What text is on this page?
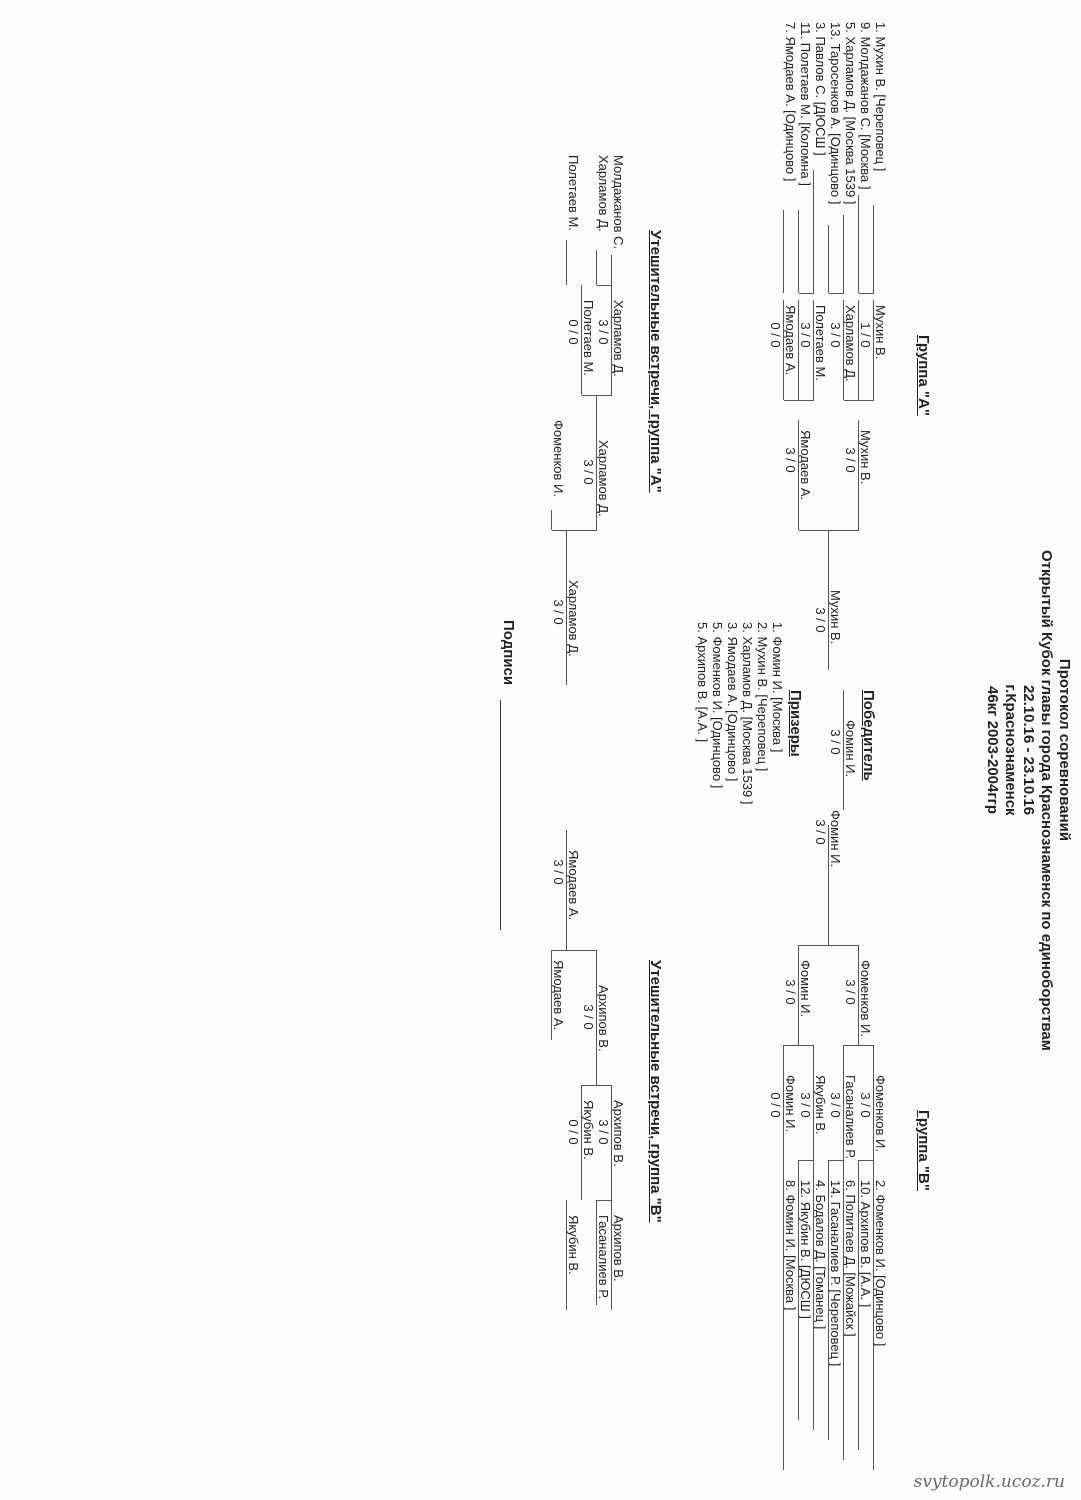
Протокол соревнований
Открытый Кубок главы города Краснознаменск по единоборствам
22.10.16 - 23.10.16
г.Краснознаменск
46кг 2003-2004ггр
Группа "А"
1. Мухин В. [Череповец ]
9. Молдажанов С. [Москва ]
5. Харламов Д. [Москва 1539 ]
13. Таросенков А. [Одинцово ]
3. Павлов С. [ДЮСШ ]
11. Полетаев М. [Коломна ]
7. Ямодаев А. [Одинцово ]
Мухин В.
1 / 0
Харламов Д.
3 / 0
Полетаев М.
3 / 0
Ямодаев А.
0 / 0
Мухин В.
3 / 0
Ямодаев А.
3 / 0
Мухин В.
3 / 0
Победитель
Фомин И.
3 / 0
Призеры
1. Фомин И. [Москва ]
2. Мухин В. [Череповец ]
3. Харламов Д. [Москва 1539 ]
3. Ямодаев А. [Одинцово ]
5. Фоменков И. [Одинцово ]
5. Архипов В. [А.А. ]
Группа "В"
Фомин И.
3 / 0
Фоменков И.
3 / 0
Фомин И.
3 / 0
Фоменков И.
3 / 0
Гасаналиев Р.
3 / 0
Якубин В.
3 / 0
Фомин И.
0 / 0
2. Фоменков И. [Одинцово ]
10. Архипов В. [А.А. ]
6. Политаев Д. [Можайск ]
14. Гасаналиев Р. [Череповец ]
4. Бодалов Д. [Томанец ]
12. Якубин В. [ДЮСШ ]
8. Фомин И. [Москва ]
Утешительные встречи, группа "А"
Молдажанов С.
Харламов Д.
Полетаев М.
Харламов Д.
3 / 0
Полетаев М.
0 / 0
Харламов Д.
3 / 0
Фоменков И.
Харламов Д.
3 / 0
Утешительные встречи, группа "В"
Ямодаев А.
3 / 0
Ямодаев А. Архипов В.
3 / 0
Архипов В.
3 / 0
Якубин В.
0 / 0
Архипов В.
Гасаналиев Р.
Якубин В.
Подписи
svytopolk.ucoz.ru
